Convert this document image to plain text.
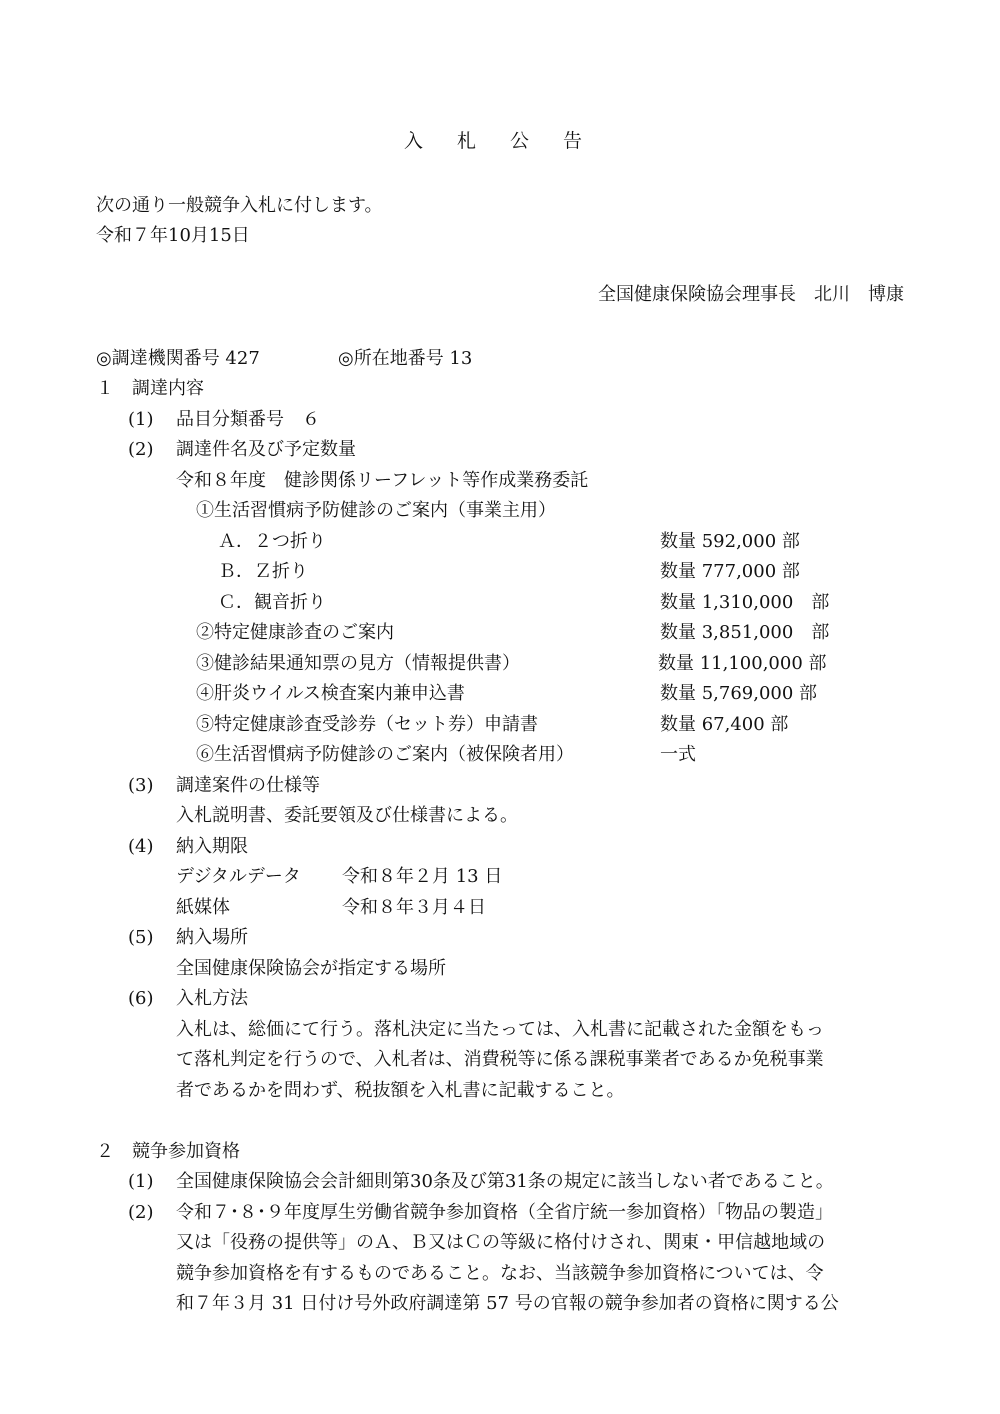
入 札 公 告
次の通り一般競争入札に付します。
令和７年10月15日
全国健康保険協会理事長　北川　博康
◎調達機関番号 427	◎所在地番号 13
１　調達内容
(1) 品目分類番号　６
(2) 調達件名及び予定数量
令和８年度　健診関係リーフレット等作成業務委託
①生活習慣病予防健診のご案内（事業主用）
Ａ．２つ折り	数量 592,000 部
Ｂ．Ｚ折り	数量 777,000 部
Ｃ．観音折り	数量 1,310,000　部
②特定健康診査のご案内	数量 3,851,000　部
③健診結果通知票の見方（情報提供書）	数量 11,100,000 部
④肝炎ウイルス検査案内兼申込書	数量 5,769,000 部
⑤特定健康診査受診券（セット券）申請書	数量 67,400 部
⑥生活習慣病予防健診のご案内（被保険者用）	一式
(3) 調達案件の仕様等
入札説明書、委託要領及び仕様書による。
(4) 納入期限
デジタルデータ 令和８年２月 13 日
紙媒体	令和８年３月４日
(5) 納入場所
全国健康保険協会が指定する場所
(6) 入札方法
入札は、総価にて行う。落札決定に当たっては、入札書に記載された金額をもっ
て落札判定を行うので、入札者は、消費税等に係る課税事業者であるか免税事業
者であるかを問わず、税抜額を入札書に記載すること。
２　競争参加資格
(1) 全国健康保険協会会計細則第30条及び第31条の規定に該当しない者であること。
(2) 令和７･８･９年度厚生労働省競争参加資格（全省庁統一参加資格）｢物品の製造｣
又は「役務の提供等」のＡ、Ｂ又はＣの等級に格付けされ、関東・甲信越地域の
競争参加資格を有するものであること。なお、当該競争参加資格については、令
和７年３月 31 日付け号外政府調達第 57 号の官報の競争参加者の資格に関する公
